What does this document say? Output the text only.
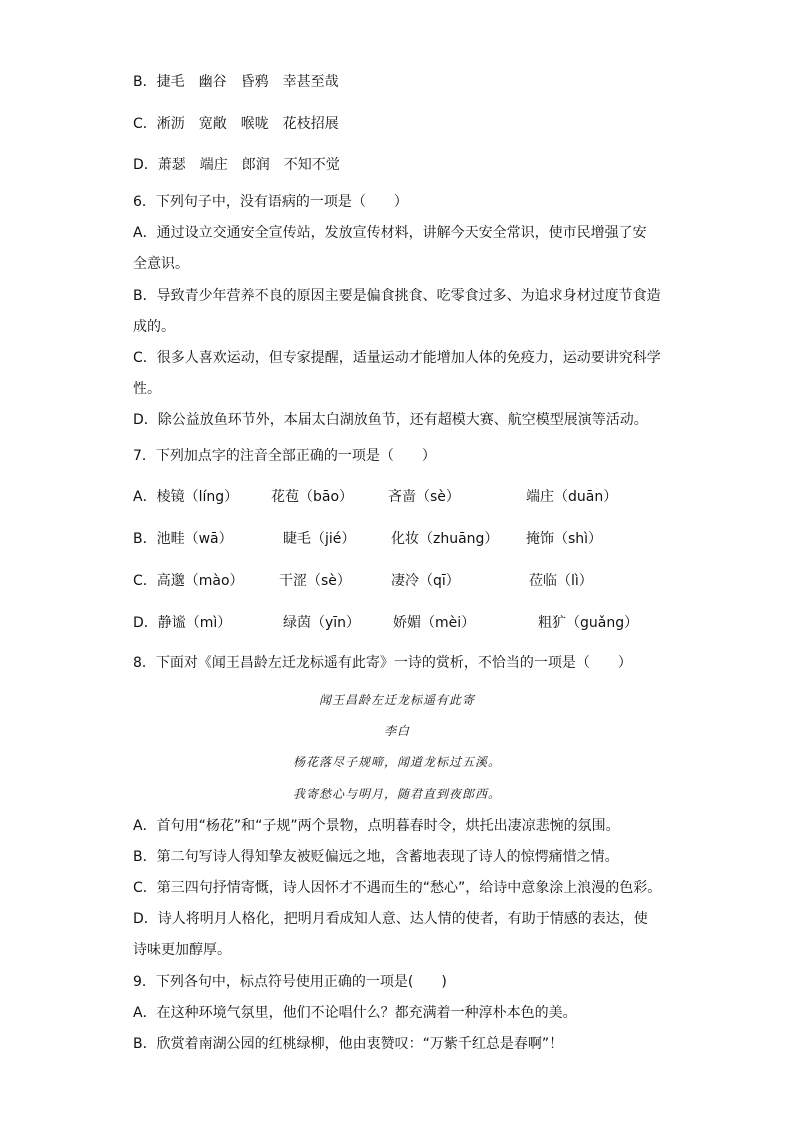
B．捷毛　幽谷　昏鸦　幸甚至哉
C．淅沥　宽敞　喉咙　花枝招展
D．萧瑟　端庄　郎润　不知不觉
6．下列句子中，没有语病的一项是（　　）
A．通过设立交通安全宣传站，发放宣传材料，讲解今天安全常识，使市民增强了安
全意识。
B．导致青少年营养不良的原因主要是偏食挑食、吃零食过多、为追求身材过度节食造
成的。
C．很多人喜欢运动，但专家提醒，适量运动才能增加人体的免疫力，运动要讲究科学
性。
D．除公益放鱼环节外，本届太白湖放鱼节，还有超模大赛、航空模型展演等活动。
7．下列加点字的注音全部正确的一项是（　　）
A．棱镜（líng） 花苞（bāo） 吝啬（sè）	端庄（duān）
B．池畦（wā）	睫毛（jié）	化妆（zhuāng） 掩饰（shì）
C．高邈（mào）	干涩（sè）	凄冷（qī）	莅临（lì）
D．静谧（mì）	绿茵（yīn） 娇媚（mèi）	粗犷（guǎng）
8．下面对《闻王昌龄左迁龙标遥有此寄》一诗的赏析，不恰当的一项是（　　）
闻王昌龄左迁龙标遥有此寄
李白
杨花落尽子规啼，闻道龙标过五溪。
我寄愁心与明月，随君直到夜郎西。
A．首句用“杨花”和“子规”两个景物，点明暮春时令，烘托出凄凉悲惋的氛围。
B．第二句写诗人得知挚友被贬偏远之地，含蓄地表现了诗人的惊愕痛惜之情。
C．第三四句抒情寄慨，诗人因怀才不遇而生的“愁心”，给诗中意象涂上浪漫的色彩。
D．诗人将明月人格化，把明月看成知人意、达人情的使者，有助于情感的表达，使
诗味更加醇厚。
9．下列各句中，标点符号使用正确的一项是(　　)
A．在这种环境气氛里，他们不论唱什么？都充满着一种淳朴本色的美。
B．欣赏着南湖公园的红桃绿柳，他由衷赞叹：“万紫千红总是春啊”！
